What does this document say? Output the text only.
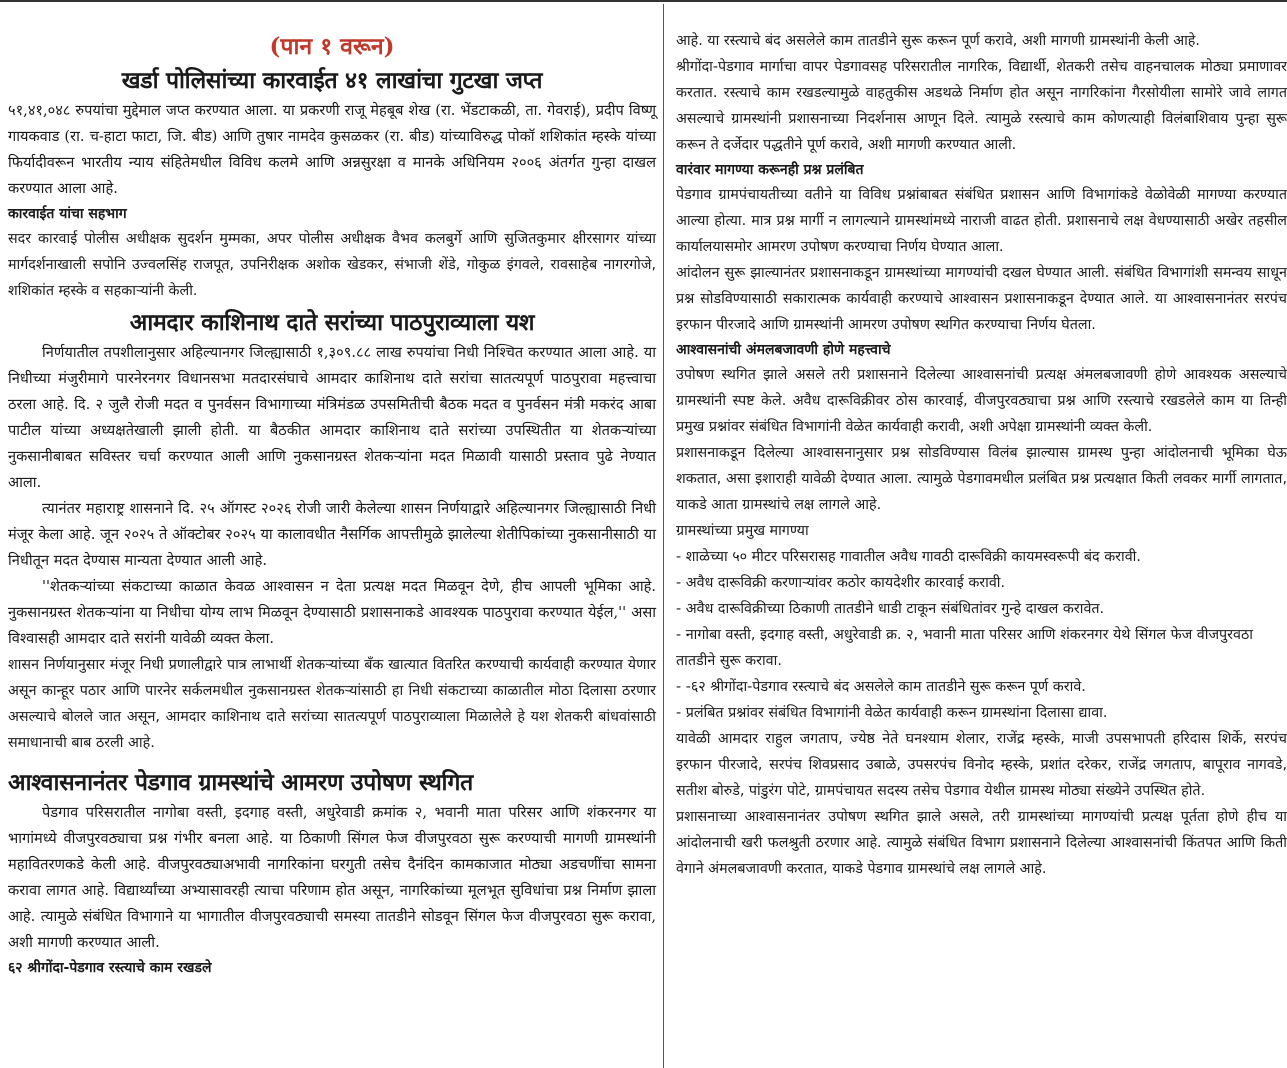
(पान १ वरून)
खर्डा पोलिसांच्या कारवाईत ४१ लाखांचा गुटखा जप्त

५१,४१,०४८ रुपयांचा मुद्देमाल जप्त करण्यात आला. या प्रकरणी राजू मेहबूब शेख (रा. भेंडटाकळी, ता. गेवराई), प्रदीप विष्णू गायकवाड (रा. च-हाटा फाटा, जि. बीड) आणि तुषार नामदेव कुसळकर (रा. बीड) यांच्याविरुद्ध पोकॉ शशिकांत म्हस्के यांच्या फिर्यादीवरून भारतीय न्याय संहितेमधील विविध कलमे आणि अन्नसुरक्षा व मानके अधिनियम २००६ अंतर्गत गुन्हा दाखल करण्यात आला आहे.

कारवाईत यांचा सहभाग

सदर कारवाई पोलीस अधीक्षक सुदर्शन मुम्मका, अपर पोलीस अधीक्षक वैभव कलबुर्गे आणि सुजितकुमार क्षीरसागर यांच्या मार्गदर्शनाखाली सपोनि उज्वलसिंह राजपूत, उपनिरीक्षक अशोक खेडकर, संभाजी शेंडे, गोकुळ इंगवले, रावसाहेब नागरगोजे, शशिकांत म्हस्के व सहकाऱ्यांनी केली.

आमदार काशिनाथ दाते सरांच्या पाठपुराव्याला यश

निर्णयातील तपशीलानुसार अहिल्यानगर जिल्ह्यासाठी १,३०९.८८ लाख रुपयांचा निधी निश्चित करण्यात आला आहे. या निधीच्या मंजुरीमागे पारनेरनगर विधानसभा मतदारसंघाचे आमदार काशिनाथ दाते सरांचा सातत्यपूर्ण पाठपुरावा महत्त्वाचा ठरला आहे. दि. २ जुलै रोजी मदत व पुनर्वसन विभागाच्या मंत्रिमंडळ उपसमितीची बैठक मदत व पुनर्वसन मंत्री मकरंद आबा पाटील यांच्या अध्यक्षतेखाली झाली होती. या बैठकीत आमदार काशिनाथ दाते सरांच्या उपस्थितीत या शेतकऱ्यांच्या नुकसानीबाबत सविस्तर चर्चा करण्यात आली आणि नुकसानग्रस्त शेतकऱ्यांना मदत मिळावी यासाठी प्रस्ताव पुढे नेण्यात आला.

त्यानंतर महाराष्ट्र शासनाने दि. २५ ऑगस्ट २०२६ रोजी जारी केलेल्या शासन निर्णयाद्वारे अहिल्यानगर जिल्ह्यासाठी निधी मंजूर केला आहे. जून २०२५ ते ऑक्टोबर २०२५ या कालावधीत नैसर्गिक आपत्तीमुळे झालेल्या शेतीपिकांच्या नुकसानीसाठी या निधीतून मदत देण्यास मान्यता देण्यात आली आहे.

''शेतकऱ्यांच्या संकटाच्या काळात केवळ आश्वासन न देता प्रत्यक्ष मदत मिळवून देणे, हीच आपली भूमिका आहे. नुकसानग्रस्त शेतकऱ्यांना या निधीचा योग्य लाभ मिळवून देण्यासाठी प्रशासनाकडे आवश्यक पाठपुरावा करण्यात येईल,'' असा विश्वासही आमदार दाते सरांनी यावेळी व्यक्त केला.

शासन निर्णयानुसार मंजूर निधी प्रणालीद्वारे पात्र लाभार्थी शेतकऱ्यांच्या बँक खात्यात वितरित करण्याची कार्यवाही करण्यात येणार असून कान्हूर पठार आणि पारनेर सर्कलमधील नुकसानग्रस्त शेतकऱ्यांसाठी हा निधी संकटाच्या काळातील मोठा दिलासा ठरणार असल्याचे बोलले जात असून, आमदार काशिनाथ दाते सरांच्या सातत्यपूर्ण पाठपुराव्याला मिळालेले हे यश शेतकरी बांधवांसाठी समाधानाची बाब ठरली आहे.

आश्वासनानंतर पेडगाव ग्रामस्थांचे आमरण उपोषण स्थगित

पेडगाव परिसरातील नागोबा वस्ती, इदगाह वस्ती, अधुरेवाडी क्रमांक २, भवानी माता परिसर आणि शंकरनगर या भागांमध्ये वीजपुरवठ्याचा प्रश्न गंभीर बनला आहे. या ठिकाणी सिंगल फेज वीजपुरवठा सुरू करण्याची मागणी ग्रामस्थांनी महावितरणकडे केली आहे. वीजपुरवठ्याअभावी नागरिकांना घरगुती तसेच दैनंदिन कामकाजात मोठ्या अडचणींचा सामना करावा लागत आहे. विद्यार्थ्यांच्या अभ्यासावरही त्याचा परिणाम होत असून, नागरिकांच्या मूलभूत सुविधांचा प्रश्न निर्माण झाला आहे. त्यामुळे संबंधित विभागाने या भागातील वीजपुरवठ्याची समस्या तातडीने सोडवून सिंगल फेज वीजपुरवठा सुरू करावा, अशी मागणी करण्यात आली.

६२ श्रीगोंदा-पेडगाव रस्त्याचे काम रखडले

आहे. या रस्त्याचे बंद असलेले काम तातडीने सुरू करून पूर्ण करावे, अशी मागणी ग्रामस्थांनी केली आहे.

श्रीगोंदा-पेडगाव मार्गाचा वापर पेडगावसह परिसरातील नागरिक, विद्यार्थी, शेतकरी तसेच वाहनचालक मोठ्या प्रमाणावर करतात. रस्त्याचे काम रखडल्यामुळे वाहतुकीस अडथळे निर्माण होत असून नागरिकांना गैरसोयीला सामोरे जावे लागत असल्याचे ग्रामस्थांनी प्रशासनाच्या निदर्शनास आणून दिले. त्यामुळे रस्त्याचे काम कोणत्याही विलंबाशिवाय पुन्हा सुरू करून ते दर्जेदार पद्धतीने पूर्ण करावे, अशी मागणी करण्यात आली.

वारंवार मागण्या करूनही प्रश्न प्रलंबित

पेडगाव ग्रामपंचायतीच्या वतीने या विविध प्रश्नांबाबत संबंधित प्रशासन आणि विभागांकडे वेळोवेळी मागण्या करण्यात आल्या होत्या. मात्र प्रश्न मार्गी न लागल्याने ग्रामस्थांमध्ये नाराजी वाढत होती. प्रशासनाचे लक्ष वेधण्यासाठी अखेर तहसील कार्यालयासमोर आमरण उपोषण करण्याचा निर्णय घेण्यात आला.

आंदोलन सुरू झाल्यानंतर प्रशासनाकडून ग्रामस्थांच्या मागण्यांची दखल घेण्यात आली. संबंधित विभागांशी समन्वय साधून प्रश्न सोडविण्यासाठी सकारात्मक कार्यवाही करण्याचे आश्वासन प्रशासनाकडून देण्यात आले. या आश्वासनानंतर सरपंच इरफान पीरजादे आणि ग्रामस्थांनी आमरण उपोषण स्थगित करण्याचा निर्णय घेतला.

आश्वासनांची अंमलबजावणी होणे महत्त्वाचे

उपोषण स्थगित झाले असले तरी प्रशासनाने दिलेल्या आश्वासनांची प्रत्यक्ष अंमलबजावणी होणे आवश्यक असल्याचे ग्रामस्थांनी स्पष्ट केले. अवैध दारूविक्रीवर ठोस कारवाई, वीजपुरवठ्याचा प्रश्न आणि रस्त्याचे रखडलेले काम या तिन्ही प्रमुख प्रश्नांवर संबंधित विभागांनी वेळेत कार्यवाही करावी, अशी अपेक्षा ग्रामस्थांनी व्यक्त केली.

प्रशासनाकडून दिलेल्या आश्वासनानुसार प्रश्न सोडविण्यास विलंब झाल्यास ग्रामस्थ पुन्हा आंदोलनाची भूमिका घेऊ शकतात, असा इशाराही यावेळी देण्यात आला. त्यामुळे पेडगावमधील प्रलंबित प्रश्न प्रत्यक्षात किती लवकर मार्गी लागतात, याकडे आता ग्रामस्थांचे लक्ष लागले आहे.

ग्रामस्थांच्या प्रमुख मागण्या
- शाळेच्या ५० मीटर परिसरासह गावातील अवैध गावठी दारूविक्री कायमस्वरूपी बंद करावी.
- अवैध दारूविक्री करणाऱ्यांवर कठोर कायदेशीर कारवाई करावी.
- अवैध दारूविक्रीच्या ठिकाणी तातडीने धाडी टाकून संबंधितांवर गुन्हे दाखल करावेत.
- नागोबा वस्ती, इदगाह वस्ती, अधुरेवाडी क्र. २, भवानी माता परिसर आणि शंकरनगर येथे सिंगल फेज वीजपुरवठा तातडीने सुरू करावा.
- -६२ श्रीगोंदा-पेडगाव रस्त्याचे बंद असलेले काम तातडीने सुरू करून पूर्ण करावे.
- प्रलंबित प्रश्नांवर संबंधित विभागांनी वेळेत कार्यवाही करून ग्रामस्थांना दिलासा द्यावा.

यावेळी आमदार राहुल जगताप, ज्येष्ठ नेते घनश्याम शेलार, राजेंद्र म्हस्के, माजी उपसभापती हरिदास शिर्के, सरपंच इरफान पीरजादे, सरपंच शिवप्रसाद उबाळे, उपसरपंच विनोद म्हस्के, प्रशांत दरेकर, राजेंद्र जगताप, बापूराव नागवडे, सतीश बोरुडे, पांडुरंग पोटे, ग्रामपंचायत सदस्य तसेच पेडगाव येथील ग्रामस्थ मोठ्या संख्येने उपस्थित होते.

प्रशासनाच्या आश्वासनानंतर उपोषण स्थगित झाले असले, तरी ग्रामस्थांच्या मागण्यांची प्रत्यक्ष पूर्तता होणे हीच या आंदोलनाची खरी फलश्रुती ठरणार आहे. त्यामुळे संबंधित विभाग प्रशासनाने दिलेल्या आश्वासनांची किंतपत आणि किती वेगाने अंमलबजावणी करतात, याकडे पेडगाव ग्रामस्थांचे लक्ष लागले आहे.
